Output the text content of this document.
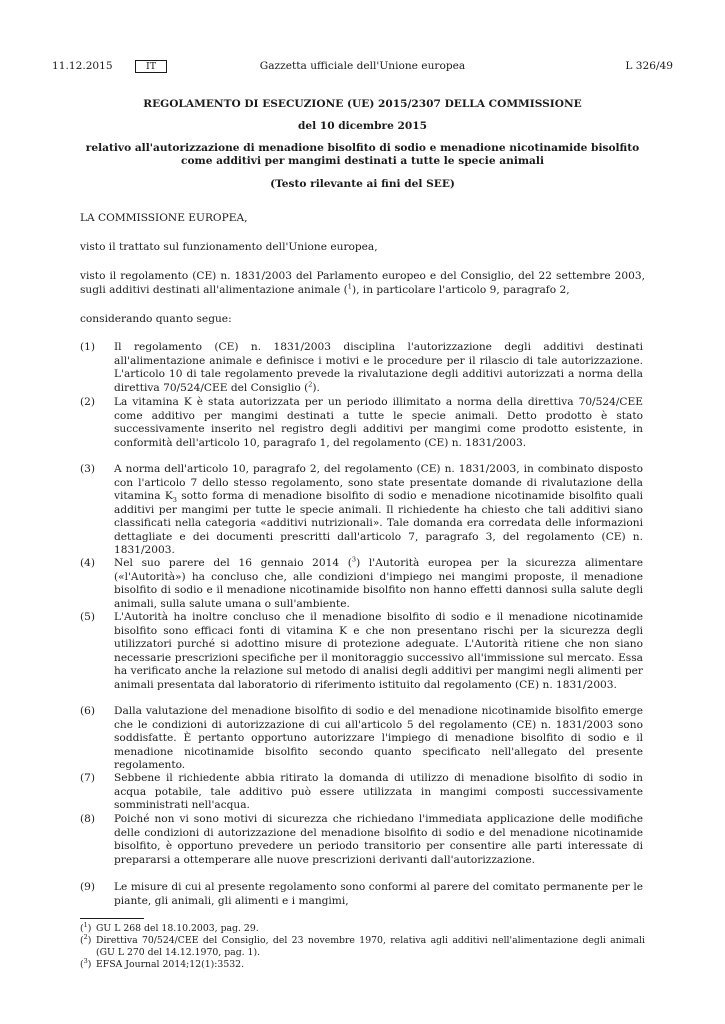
11.12.2015	IT	Gazzetta ufficiale dell'Unione europea	L 326/49
REGOLAMENTO DI ESECUZIONE (UE) 2015/2307 DELLA COMMISSIONE
del 10 dicembre 2015
relativo all'autorizzazione di menadione bisolfito di sodio e menadione nicotinamide bisolfito
come additivi per mangimi destinati a tutte le specie animali
(Testo rilevante ai fini del SEE)
LA COMMISSIONE EUROPEA,
visto il trattato sul funzionamento dell'Unione europea,
visto il regolamento (CE) n. 1831/2003 del Parlamento europeo e del Consiglio, del 22 settembre 2003, sugli additivi destinati all'alimentazione animale ($^1$), in particolare l'articolo 9, paragrafo 2,
considerando quanto segue:
(1)	Il regolamento (CE) n. 1831/2003 disciplina l'autorizzazione degli additivi destinati all'alimentazione animale e definisce i motivi e le procedure per il rilascio di tale autorizzazione. L'articolo 10 di tale regolamento prevede la rivalutazione degli additivi autorizzati a norma della direttiva 70/524/CEE del Consiglio ($^2$).
(2)	La vitamina K è stata autorizzata per un periodo illimitato a norma della direttiva 70/524/CEE come additivo per mangimi destinati a tutte le specie animali. Detto prodotto è stato successivamente inserito nel registro degli additivi per mangimi come prodotto esistente, in conformità dell'articolo 10, paragrafo 1, del regolamento (CE) n. 1831/2003.
(3)	A norma dell'articolo 10, paragrafo 2, del regolamento (CE) n. 1831/2003, in combinato disposto con l'articolo 7 dello stesso regolamento, sono state presentate domande di rivalutazione della vitamina $K_3$ sotto forma di menadione bisolfito di sodio e menadione nicotinamide bisolfito quali additivi per mangimi per tutte le specie animali. Il richiedente ha chiesto che tali additivi siano classificati nella categoria «additivi nutrizionali». Tale domanda era corredata delle informazioni dettagliate e dei documenti prescritti dall'articolo 7, paragrafo 3, del regolamento (CE) n. 1831/2003.
(4)	Nel suo parere del 16 gennaio 2014 ($^3$) l'Autorità europea per la sicurezza alimentare («l'Autorità») ha concluso che, alle condizioni d'impiego nei mangimi proposte, il menadione bisolfito di sodio e il menadione nicotinamide bisolfito non hanno effetti dannosi sulla salute degli animali, sulla salute umana o sull'ambiente.
(5)	L'Autorità ha inoltre concluso che il menadione bisolfito di sodio e il menadione nicotinamide bisolfito sono efficaci fonti di vitamina K e che non presentano rischi per la sicurezza degli utilizzatori purché si adottino misure di protezione adeguate. L'Autorità ritiene che non siano necessarie prescrizioni specifiche per il monitoraggio successivo all'immissione sul mercato. Essa ha verificato anche la relazione sul metodo di analisi degli additivi per mangimi negli alimenti per animali presentata dal laboratorio di riferimento istituito dal regolamento (CE) n. 1831/2003.
(6)	Dalla valutazione del menadione bisolfito di sodio e del menadione nicotinamide bisolfito emerge che le condizioni di autorizzazione di cui all'articolo 5 del regolamento (CE) n. 1831/2003 sono soddisfatte. È pertanto opportuno autorizzare l'impiego di menadione bisolfito di sodio e il menadione nicotinamide bisolfito secondo quanto specificato nell'allegato del presente regolamento.
(7)	Sebbene il richiedente abbia ritirato la domanda di utilizzo di menadione bisolfito di sodio in acqua potabile, tale additivo può essere utilizzata in mangimi composti successivamente somministrati nell'acqua.
(8)	Poiché non vi sono motivi di sicurezza che richiedano l'immediata applicazione delle modifiche delle condizioni di autorizzazione del menadione bisolfito di sodio e del menadione nicotinamide bisolfito, è opportuno prevedere un periodo transitorio per consentire alle parti interessate di prepararsi a ottemperare alle nuove prescrizioni derivanti dall'autorizzazione.
(9)	Le misure di cui al presente regolamento sono conformi al parere del comitato permanente per le piante, gli animali, gli alimenti e i mangimi,
($^1$) GU L 268 del 18.10.2003, pag. 29.
($^2$) Direttiva 70/524/CEE del Consiglio, del 23 novembre 1970, relativa agli additivi nell'alimentazione degli animali (GU L 270 del 14.12.1970, pag. 1).
($^3$) EFSA Journal 2014;12(1):3532.
